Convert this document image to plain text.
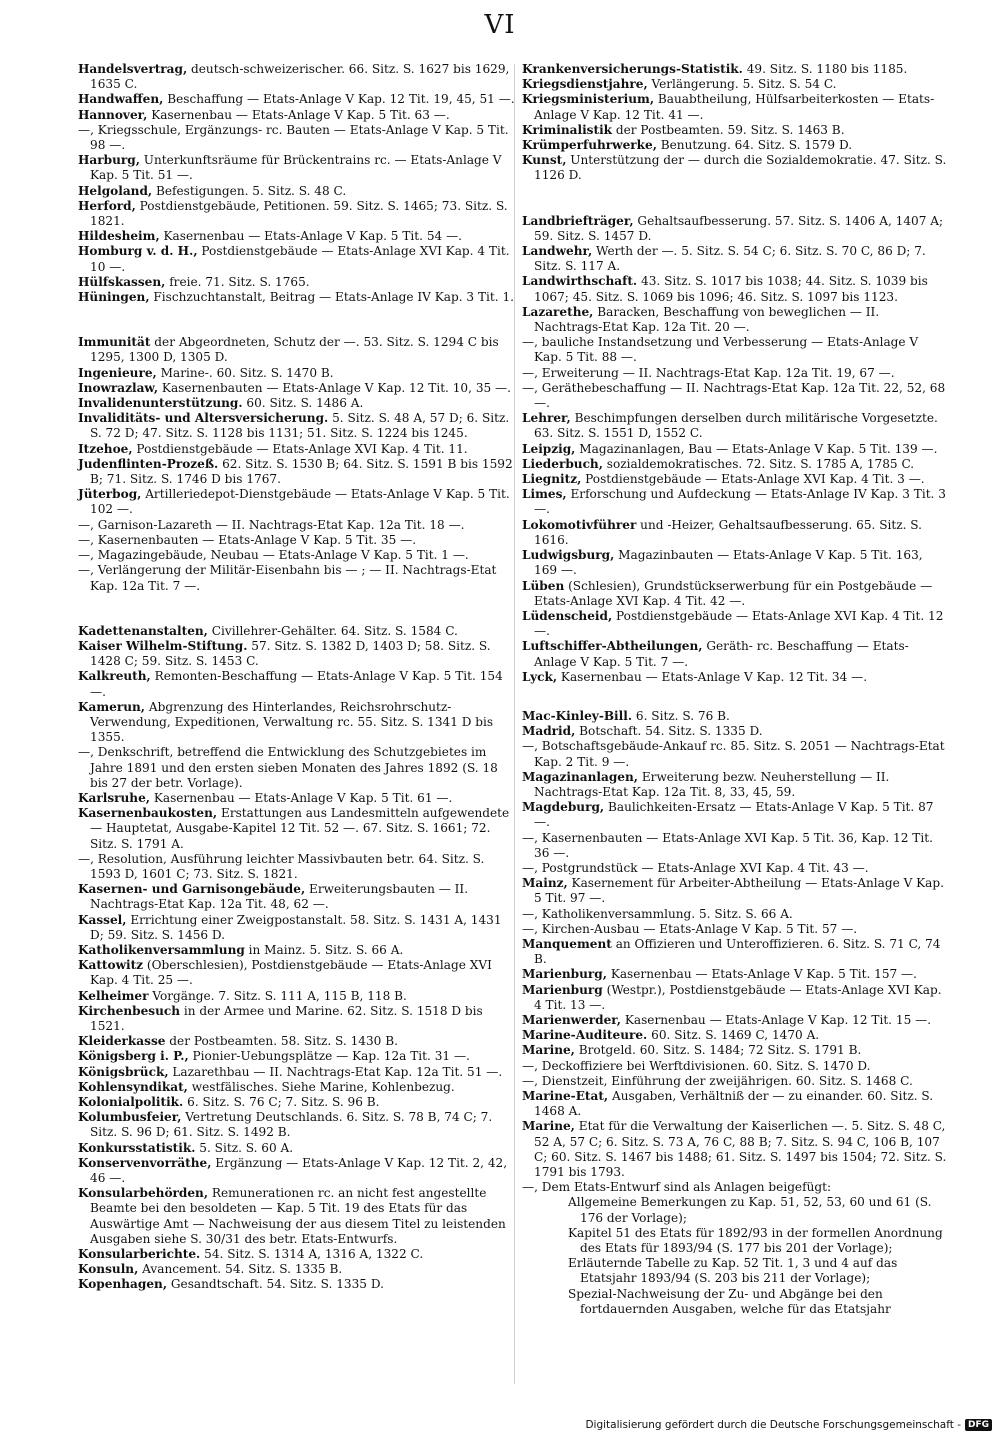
VI

Handelsvertrag, deutsch-schweizerischer. 66. Sitz. S. 1627 bis 1629, 1635 C.

Handwaffen, Beschaffung — Etats-Anlage V Kap. 12 Tit. 19, 45, 51 —.

Hannover, Kasernenbau — Etats-Anlage V Kap. 5 Tit. 63 —.

—, Kriegsschule, Ergänzungs- rc. Bauten — Etats-Anlage V Kap. 5 Tit. 98 —.

Harburg, Unterkunftsräume für Brückentrains rc. — Etats-Anlage V Kap. 5 Tit. 51 —.

Helgoland, Befestigungen. 5. Sitz. S. 48 C.

Herford, Postdienstgebäude, Petitionen. 59. Sitz. S. 1465; 73. Sitz. S. 1821.

Hildesheim, Kasernenbau — Etats-Anlage V Kap. 5 Tit. 54 —.

Homburg v. d. H., Postdienstgebäude — Etats-Anlage XVI Kap. 4 Tit. 10 —.

Hülfskassen, freie. 71. Sitz. S. 1765.

Hüningen, Fischzuchtanstalt, Beitrag — Etats-Anlage IV Kap. 3 Tit. 1.

Immunität der Abgeordneten, Schutz der —. 53. Sitz. S. 1294 C bis 1295, 1300 D, 1305 D.

Ingenieure, Marine-. 60. Sitz. S. 1470 B.

Inowrazlaw, Kasernenbauten — Etats-Anlage V Kap. 12 Tit. 10, 35 —.

Invalidenunterstützung. 60. Sitz. S. 1486 A.

Invaliditäts- und Altersversicherung. 5. Sitz. S. 48 A, 57 D; 6. Sitz. S. 72 D; 47. Sitz. S. 1128 bis 1131; 51. Sitz. S. 1224 bis 1245.

Itzehoe, Postdienstgebäude — Etats-Anlage XVI Kap. 4 Tit. 11.

Judenflinten-Prozeß. 62. Sitz. S. 1530 B; 64. Sitz. S. 1591 B bis 1592 B; 71. Sitz. S. 1746 D bis 1767.

Jüterbog, Artilleriedepot-Dienstgebäude — Etats-Anlage V Kap. 5 Tit. 102 —.

—, Garnison-Lazareth — II. Nachtrags-Etat Kap. 12a Tit. 18 —.

—, Kasernenbauten — Etats-Anlage V Kap. 5 Tit. 35 —.

—, Magazingebäude, Neubau — Etats-Anlage V Kap. 5 Tit. 1 —.

—, Verlängerung der Militär-Eisenbahn bis — ; — II. Nachtrags-Etat Kap. 12a Tit. 7 —.

Kadettenanstalten, Civillehrer-Gehälter. 64. Sitz. S. 1584 C.

Kaiser Wilhelm-Stiftung. 57. Sitz. S. 1382 D, 1403 D; 58. Sitz. S. 1428 C; 59. Sitz. S. 1453 C.

Kalkreuth, Remonten-Beschaffung — Etats-Anlage V Kap. 5 Tit. 154 —.

Kamerun, Abgrenzung des Hinterlandes, Reichsrohrschutz-Verwendung, Expeditionen, Verwaltung rc. 55. Sitz. S. 1341 D bis 1355.

—, Denkschrift, betreffend die Entwicklung des Schutzgebietes im Jahre 1891 und den ersten sieben Monaten des Jahres 1892 (S. 18 bis 27 der betr. Vorlage).

Karlsruhe, Kasernenbau — Etats-Anlage V Kap. 5 Tit. 61 —.

Kasernenbaukosten, Erstattungen aus Landesmitteln aufgewendete — Hauptetat, Ausgabe-Kapitel 12 Tit. 52 —. 67. Sitz. S. 1661; 72. Sitz. S. 1791 A.

—, Resolution, Ausführung leichter Massivbauten betr. 64. Sitz. S. 1593 D, 1601 C; 73. Sitz. S. 1821.

Kasernen- und Garnisongebäude, Erweiterungsbauten — II. Nachtrags-Etat Kap. 12a Tit. 48, 62 —.

Kassel, Errichtung einer Zweigpostanstalt. 58. Sitz. S. 1431 A, 1431 D; 59. Sitz. S. 1456 D.

Katholikenversammlung in Mainz. 5. Sitz. S. 66 A.

Kattowitz (Oberschlesien), Postdienstgebäude — Etats-Anlage XVI Kap. 4 Tit. 25 —.

Kelheimer Vorgänge. 7. Sitz. S. 111 A, 115 B, 118 B.

Kirchenbesuch in der Armee und Marine. 62. Sitz. S. 1518 D bis 1521.

Kleiderkasse der Postbeamten. 58. Sitz. S. 1430 B.

Königsberg i. P., Pionier-Uebungsplätze — Kap. 12a Tit. 31 —.

Königsbrück, Lazarethbau — II. Nachtrags-Etat Kap. 12a Tit. 51 —.

Kohlensyndikat, westfälisches. Siehe Marine, Kohlenbezug.

Kolonialpolitik. 6. Sitz. S. 76 C; 7. Sitz. S. 96 B.

Kolumbusfeier, Vertretung Deutschlands. 6. Sitz. S. 78 B, 74 C; 7. Sitz. S. 96 D; 61. Sitz. S. 1492 B.

Konkursstatistik. 5. Sitz. S. 60 A.

Konservenvorräthe, Ergänzung — Etats-Anlage V Kap. 12 Tit. 2, 42, 46 —.

Konsularbehörden, Remunerationen rc. an nicht fest angestellte Beamte bei den besoldeten — Kap. 5 Tit. 19 des Etats für das Auswärtige Amt — Nachweisung der aus diesem Titel zu leistenden Ausgaben siehe S. 30/31 des betr. Etats-Entwurfs.

Konsularberichte. 54. Sitz. S. 1314 A, 1316 A, 1322 C.

Konsuln, Avancement. 54. Sitz. S. 1335 B.

Kopenhagen, Gesandtschaft. 54. Sitz. S. 1335 D.

Krankenversicherungs-Statistik. 49. Sitz. S. 1180 bis 1185.

Kriegsdienstjahre, Verlängerung. 5. Sitz. S. 54 C.

Kriegsministerium, Bauabtheilung, Hülfsarbeiterkosten — Etats-Anlage V Kap. 12 Tit. 41 —.

Kriminalistik der Postbeamten. 59. Sitz. S. 1463 B.

Krümperfuhrwerke, Benutzung. 64. Sitz. S. 1579 D.

Kunst, Unterstützung der — durch die Sozialdemokratie. 47. Sitz. S. 1126 D.

Landbriefträger, Gehaltsaufbesserung. 57. Sitz. S. 1406 A, 1407 A; 59. Sitz. S. 1457 D.

Landwehr, Werth der —. 5. Sitz. S. 54 C; 6. Sitz. S. 70 C, 86 D; 7. Sitz. S. 117 A.

Landwirthschaft. 43. Sitz. S. 1017 bis 1038; 44. Sitz. S. 1039 bis 1067; 45. Sitz. S. 1069 bis 1096; 46. Sitz. S. 1097 bis 1123.

Lazarethe, Baracken, Beschaffung von beweglichen — II. Nachtrags-Etat Kap. 12a Tit. 20 —.

—, bauliche Instandsetzung und Verbesserung — Etats-Anlage V Kap. 5 Tit. 88 —.

—, Erweiterung — II. Nachtrags-Etat Kap. 12a Tit. 19, 67 —.

—, Geräthebeschaffung — II. Nachtrags-Etat Kap. 12a Tit. 22, 52, 68 —.

Lehrer, Beschimpfungen derselben durch militärische Vorgesetzte. 63. Sitz. S. 1551 D, 1552 C.

Leipzig, Magazinanlagen, Bau — Etats-Anlage V Kap. 5 Tit. 139 —.

Liederbuch, sozialdemokratisches. 72. Sitz. S. 1785 A, 1785 C.

Liegnitz, Postdienstgebäude — Etats-Anlage XVI Kap. 4 Tit. 3 —.

Limes, Erforschung und Aufdeckung — Etats-Anlage IV Kap. 3 Tit. 3 —.

Lokomotivführer und -Heizer, Gehaltsaufbesserung. 65. Sitz. S. 1616.

Ludwigsburg, Magazinbauten — Etats-Anlage V Kap. 5 Tit. 163, 169 —.

Lüben (Schlesien), Grundstückserwerbung für ein Postgebäude — Etats-Anlage XVI Kap. 4 Tit. 42 —.

Lüdenscheid, Postdienstgebäude — Etats-Anlage XVI Kap. 4 Tit. 12 —.

Luftschiffer-Abtheilungen, Geräth- rc. Beschaffung — Etats-Anlage V Kap. 5 Tit. 7 —.

Lyck, Kasernenbau — Etats-Anlage V Kap. 12 Tit. 34 —.

Mac-Kinley-Bill. 6. Sitz. S. 76 B.

Madrid, Botschaft. 54. Sitz. S. 1335 D.

—, Botschaftsgebäude-Ankauf rc. 85. Sitz. S. 2051 — Nachtrags-Etat Kap. 2 Tit. 9 —.

Magazinanlagen, Erweiterung bezw. Neuherstellung — II. Nachtrags-Etat Kap. 12a Tit. 8, 33, 45, 59.

Magdeburg, Baulichkeiten-Ersatz — Etats-Anlage V Kap. 5 Tit. 87 —.

—, Kasernenbauten — Etats-Anlage XVI Kap. 5 Tit. 36, Kap. 12 Tit. 36 —.

—, Postgrundstück — Etats-Anlage XVI Kap. 4 Tit. 43 —.

Mainz, Kasernement für Arbeiter-Abtheilung — Etats-Anlage V Kap. 5 Tit. 97 —.

—, Katholikenversammlung. 5. Sitz. S. 66 A.

—, Kirchen-Ausbau — Etats-Anlage V Kap. 5 Tit. 57 —.

Manquement an Offizieren und Unteroffizieren. 6. Sitz. S. 71 C, 74 B.

Marienburg, Kasernenbau — Etats-Anlage V Kap. 5 Tit. 157 —.

Marienburg (Westpr.), Postdienstgebäude — Etats-Anlage XVI Kap. 4 Tit. 13 —.

Marienwerder, Kasernenbau — Etats-Anlage V Kap. 12 Tit. 15 —.

Marine-Auditeure. 60. Sitz. S. 1469 C, 1470 A.

Marine, Brotgeld. 60. Sitz. S. 1484; 72 Sitz. S. 1791 B.

—, Deckoffiziere bei Werftdivisionen. 60. Sitz. S. 1470 D.

—, Dienstzeit, Einführung der zweijährigen. 60. Sitz. S. 1468 C.

Marine-Etat, Ausgaben, Verhältniß der — zu einander. 60. Sitz. S. 1468 A.

Marine, Etat für die Verwaltung der Kaiserlichen —. 5. Sitz. S. 48 C, 52 A, 57 C; 6. Sitz. S. 73 A, 76 C, 88 B; 7. Sitz. S. 94 C, 106 B, 107 C; 60. Sitz. S. 1467 bis 1488; 61. Sitz. S. 1497 bis 1504; 72. Sitz. S. 1791 bis 1793.

—, Dem Etats-Entwurf sind als Anlagen beigefügt:

Allgemeine Bemerkungen zu Kap. 51, 52, 53, 60 und 61 (S. 176 der Vorlage);

Kapitel 51 des Etats für 1892/93 in der formellen Anordnung des Etats für 1893/94 (S. 177 bis 201 der Vorlage);

Erläuternde Tabelle zu Kap. 52 Tit. 1, 3 und 4 auf das Etatsjahr 1893/94 (S. 203 bis 211 der Vorlage);

Spezial-Nachweisung der Zu- und Abgänge bei den fortdauernden Ausgaben, welche für das Etatsjahr

Digitalisierung gefördert durch die Deutsche Forschungsgemeinschaft - DFG
